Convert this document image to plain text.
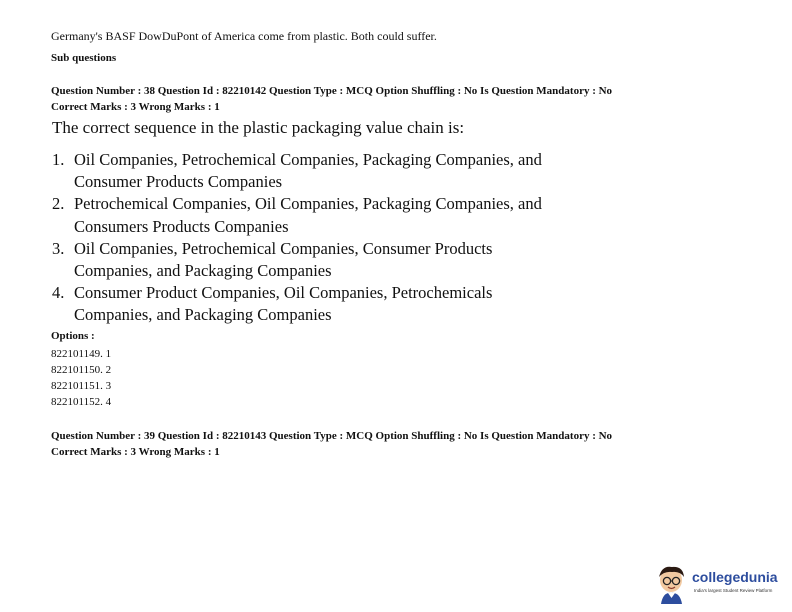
Germany's BASF DowDuPont of America come from plastic. Both could suffer.
Sub questions
Question Number : 38 Question Id : 82210142 Question Type : MCQ Option Shuffling : No Is Question Mandatory : No
Correct Marks : 3 Wrong Marks : 1
The correct sequence in the plastic packaging value chain is:
1. Oil Companies, Petrochemical Companies, Packaging Companies, and Consumer Products Companies
2. Petrochemical Companies, Oil Companies, Packaging Companies, and Consumers Products Companies
3. Oil Companies, Petrochemical Companies, Consumer Products Companies, and Packaging Companies
4. Consumer Product Companies, Oil Companies, Petrochemicals Companies, and Packaging Companies
Options :
822101149. 1
822101150. 2
822101151. 3
822101152. 4
Question Number : 39 Question Id : 82210143 Question Type : MCQ Option Shuffling : No Is Question Mandatory : No
Correct Marks : 3 Wrong Marks : 1
collegedunia
India's largest Student Review Platform
